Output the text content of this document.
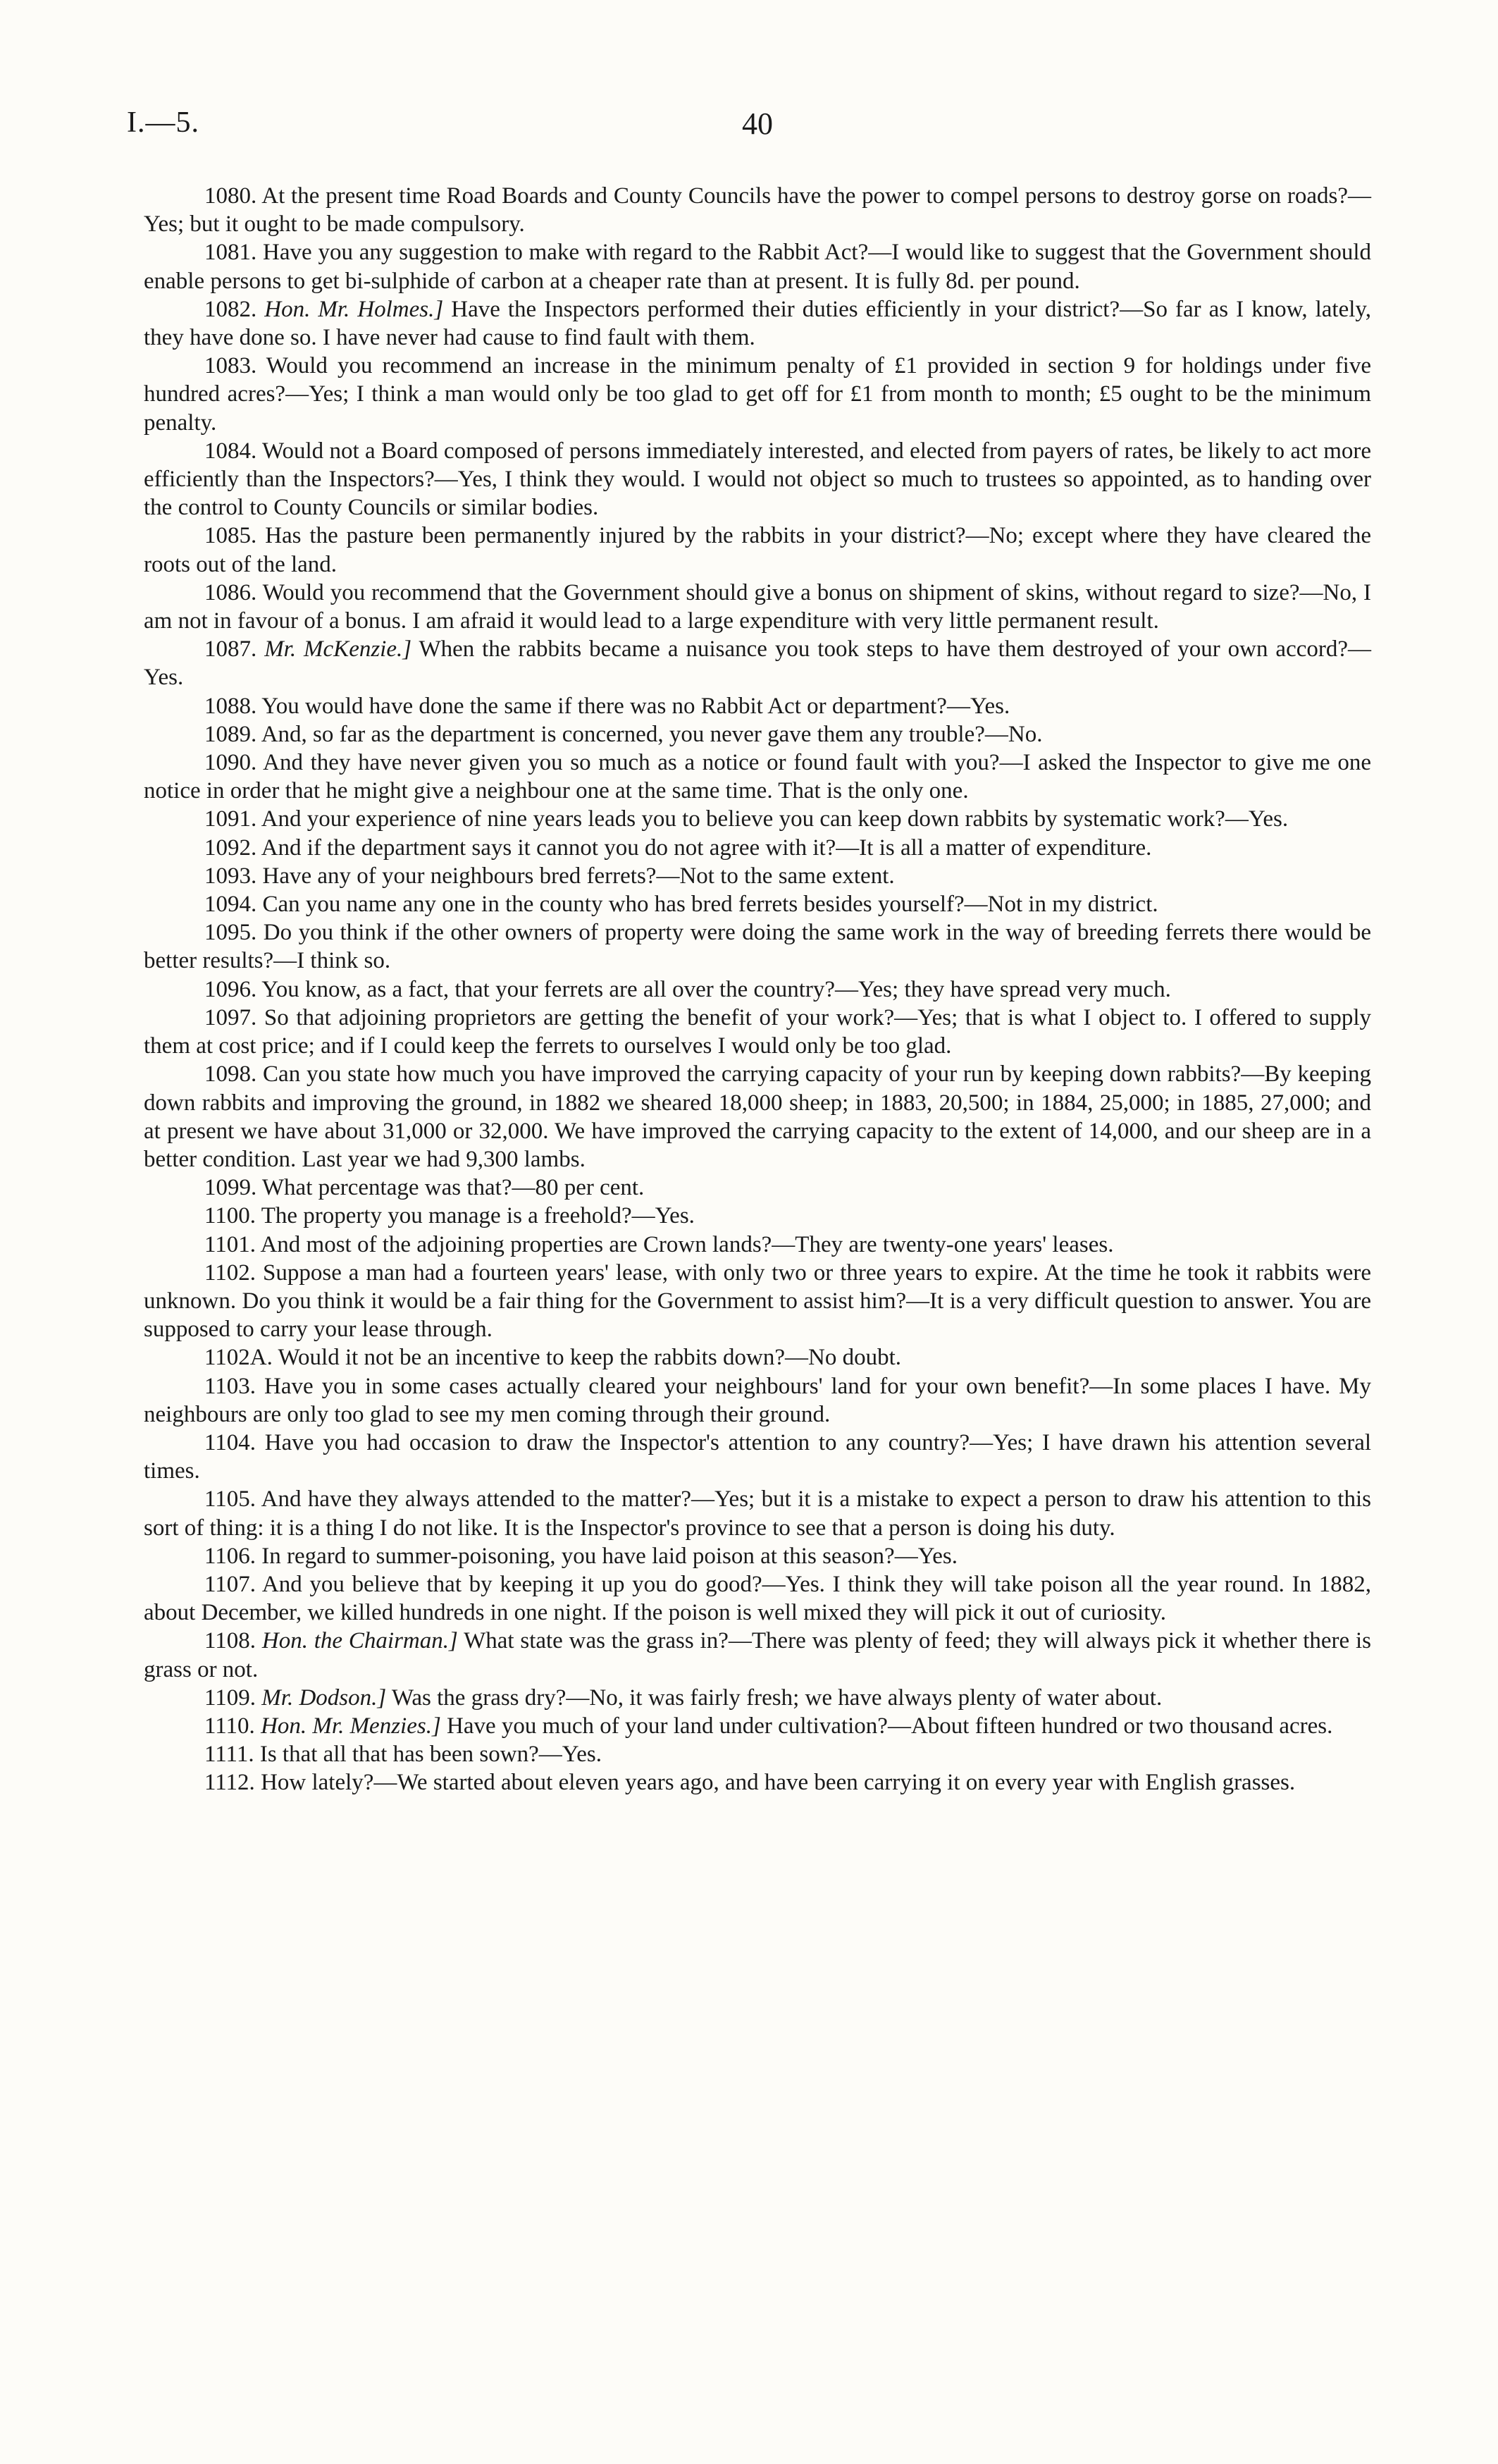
I.—5.	40

1080. At the present time Road Boards and County Councils have the power to compel persons to destroy gorse on roads?—Yes; but it ought to be made compulsory.

1081. Have you any suggestion to make with regard to the Rabbit Act?—I would like to suggest that the Government should enable persons to get bi-sulphide of carbon at a cheaper rate than at present. It is fully 8d. per pound.

1082. Hon. Mr. Holmes.] Have the Inspectors performed their duties efficiently in your district?—So far as I know, lately, they have done so. I have never had cause to find fault with them.

1083. Would you recommend an increase in the minimum penalty of £1 provided in section 9 for holdings under five hundred acres?—Yes; I think a man would only be too glad to get off for £1 from month to month; £5 ought to be the minimum penalty.

1084. Would not a Board composed of persons immediately interested, and elected from payers of rates, be likely to act more efficiently than the Inspectors?—Yes, I think they would. I would not object so much to trustees so appointed, as to handing over the control to County Councils or similar bodies.

1085. Has the pasture been permanently injured by the rabbits in your district?—No; except where they have cleared the roots out of the land.

1086. Would you recommend that the Government should give a bonus on shipment of skins, without regard to size?—No, I am not in favour of a bonus. I am afraid it would lead to a large expenditure with very little permanent result.

1087. Mr. McKenzie.] When the rabbits became a nuisance you took steps to have them destroyed of your own accord?—Yes.

1088. You would have done the same if there was no Rabbit Act or department?—Yes.

1089. And, so far as the department is concerned, you never gave them any trouble?—No.

1090. And they have never given you so much as a notice or found fault with you?—I asked the Inspector to give me one notice in order that he might give a neighbour one at the same time. That is the only one.

1091. And your experience of nine years leads you to believe you can keep down rabbits by systematic work?—Yes.

1092. And if the department says it cannot you do not agree with it?—It is all a matter of expenditure.

1093. Have any of your neighbours bred ferrets?—Not to the same extent.

1094. Can you name any one in the county who has bred ferrets besides yourself?—Not in my district.

1095. Do you think if the other owners of property were doing the same work in the way of breeding ferrets there would be better results?—I think so.

1096. You know, as a fact, that your ferrets are all over the country?—Yes; they have spread very much.

1097. So that adjoining proprietors are getting the benefit of your work?—Yes; that is what I object to. I offered to supply them at cost price; and if I could keep the ferrets to ourselves I would only be too glad.

1098. Can you state how much you have improved the carrying capacity of your run by keeping down rabbits?—By keeping down rabbits and improving the ground, in 1882 we sheared 18,000 sheep; in 1883, 20,500; in 1884, 25,000; in 1885, 27,000; and at present we have about 31,000 or 32,000. We have improved the carrying capacity to the extent of 14,000, and our sheep are in a better condition. Last year we had 9,300 lambs.

1099. What percentage was that?—80 per cent.

1100. The property you manage is a freehold?—Yes.

1101. And most of the adjoining properties are Crown lands?—They are twenty-one years' leases.

1102. Suppose a man had a fourteen years' lease, with only two or three years to expire. At the time he took it rabbits were unknown. Do you think it would be a fair thing for the Government to assist him?—It is a very difficult question to answer. You are supposed to carry your lease through.

1102A. Would it not be an incentive to keep the rabbits down?—No doubt.

1103. Have you in some cases actually cleared your neighbours' land for your own benefit?—In some places I have. My neighbours are only too glad to see my men coming through their ground.

1104. Have you had occasion to draw the Inspector's attention to any country?—Yes; I have drawn his attention several times.

1105. And have they always attended to the matter?—Yes; but it is a mistake to expect a person to draw his attention to this sort of thing: it is a thing I do not like. It is the Inspector's province to see that a person is doing his duty.

1106. In regard to summer-poisoning, you have laid poison at this season?—Yes.

1107. And you believe that by keeping it up you do good?—Yes. I think they will take poison all the year round. In 1882, about December, we killed hundreds in one night. If the poison is well mixed they will pick it out of curiosity.

1108. Hon. the Chairman.] What state was the grass in?—There was plenty of feed; they will always pick it whether there is grass or not.

1109. Mr. Dodson.] Was the grass dry?—No, it was fairly fresh; we have always plenty of water about.

1110. Hon. Mr. Menzies.] Have you much of your land under cultivation?—About fifteen hundred or two thousand acres.

1111. Is that all that has been sown?—Yes.

1112. How lately?—We started about eleven years ago, and have been carrying it on every year with English grasses.
